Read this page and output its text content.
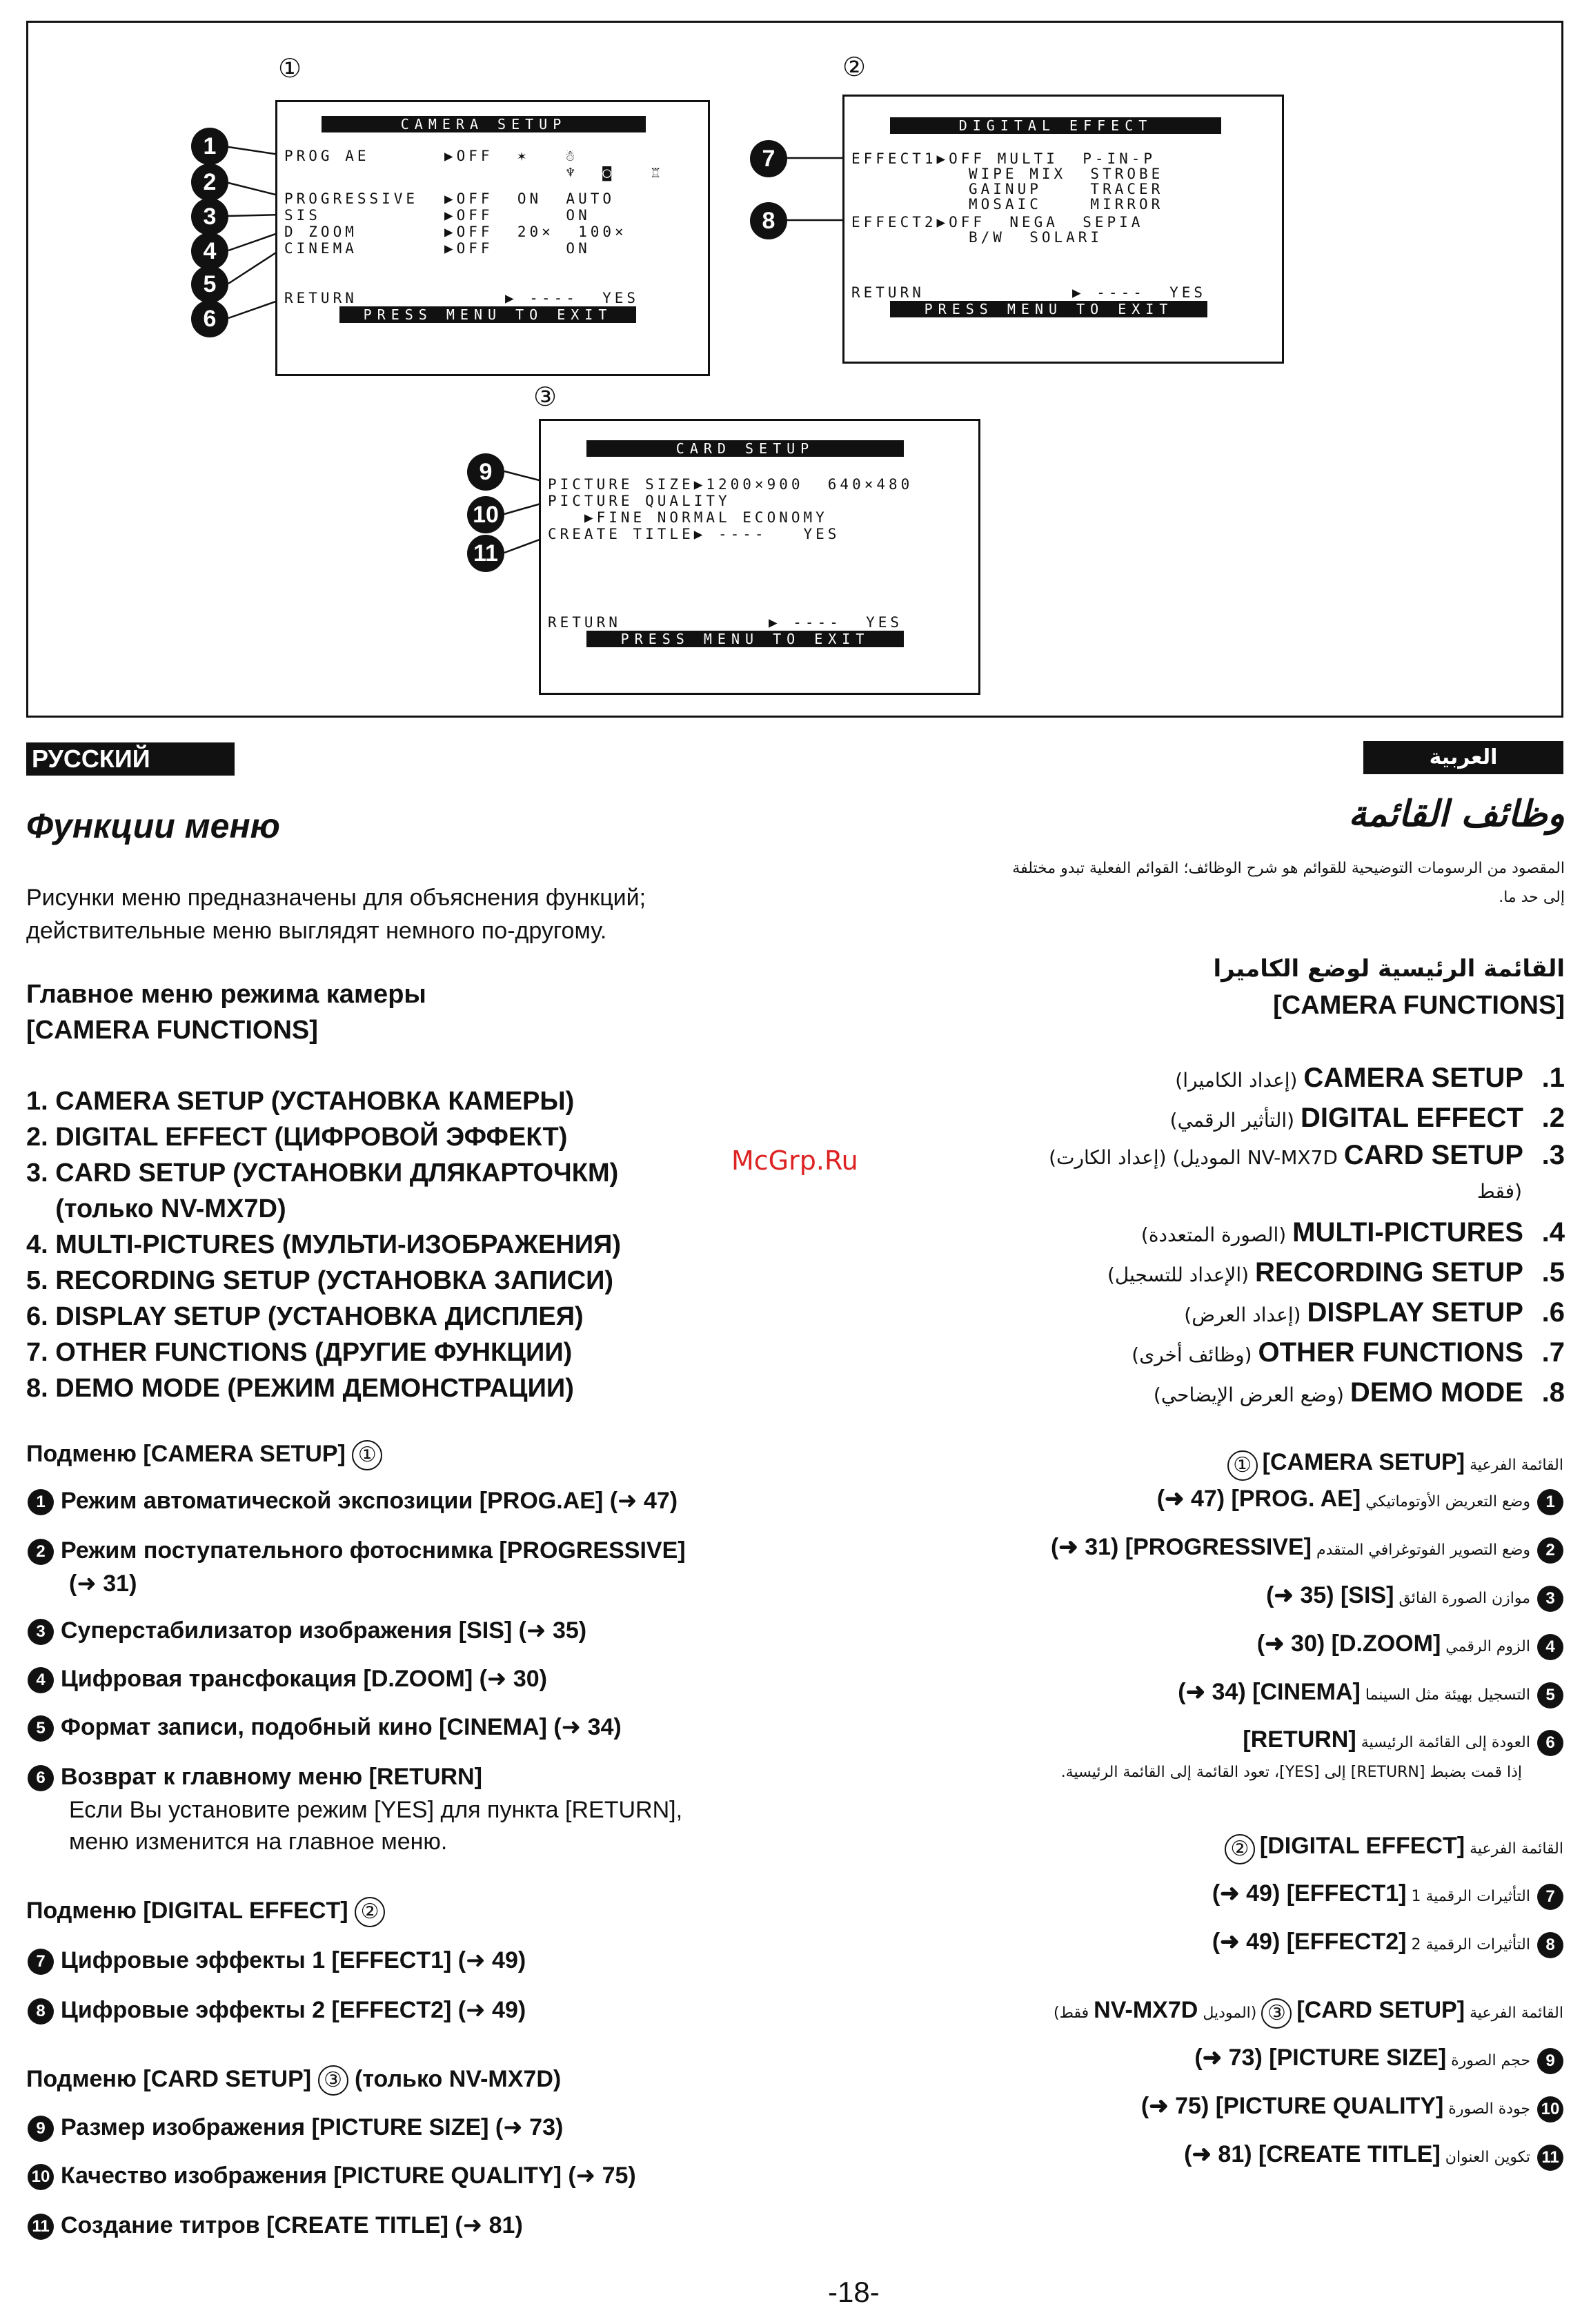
①	②
③
1
2
3
4
5
6
7
8
9
10
11
CAMERA SETUP
PROG AE	▶OFF  ✶   ☃
♆  ◙   ♖
PROGRESSIVE ▶OFF  ON  AUTO
SIS	▶OFF      ON
D ZOOM	▶OFF  20×  100×
CINEMA	▶OFF      ON
RETURN	▶ ----  YES
PRESS MENU TO EXIT
DIGITAL EFFECT
EFFECT1▶OFF MULTI  P-IN-P
WIPE MIX  STROBE
GAINUP    TRACER
MOSAIC    MIRROR
EFFECT2▶OFF  NEGA  SEPIA
B/W  SOLARI
RETURN	▶ ----  YES
PRESS MENU TO EXIT
CARD SETUP
PICTURE SIZE▶1200×900  640×480
PICTURE QUALITY
▶FINE NORMAL ECONOMY
CREATE TITLE▶ ----   YES
RETURN	▶ ----  YES
PRESS MENU TO EXIT
РУССКИЙ ЯЗЫК
Функции меню
Рисунки меню предназначены для объяснения функций;
действительные меню выглядят немного по-другому.
Главное меню режима камеры
[CAMERA FUNCTIONS]
1. CAMERA SETUP (УСТАНОВКА КАМЕРЫ)
2. DIGITAL EFFECT (ЦИФРОВОЙ ЭФФЕКТ)
3. CARD SETUP (УСТАНОВКИ ДЛЯКАРТОЧКМ)
(только NV-MX7D)
4. MULTI-PICTURES (МУЛЬТИ-ИЗОБРАЖЕНИЯ)
5. RECORDING SETUP (УСТАНОВКА ЗАПИСИ)
6. DISPLAY SETUP (УСТАНОВКА ДИСПЛЕЯ)
7. OTHER FUNCTIONS (ДРУГИЕ ФУНКЦИИ)
8. DEMO MODE (РЕЖИМ ДЕМОНСТРАЦИИ)
Подменю [CAMERA SETUP] ①
1 Режим автоматической экспозиции [PROG.AE] (➜ 47)
2 Режим поступательного фотоснимка [PROGRESSIVE]
(➜ 31)
3 Суперстабилизатор изображения [SIS] (➜ 35)
4 Цифровая трансфокация [D.ZOOM] (➜ 30)
5 Формат записи, подобный кино [CINEMA] (➜ 34)
6 Возврат к главному меню [RETURN]
Если Вы установите режим [YES] для пункта [RETURN],
меню изменится на главное меню.
Подменю [DIGITAL EFFECT] ②
7 Цифровые эффекты 1 [EFFECT1] (➜ 49)
8 Цифровые эффекты 2 [EFFECT2] (➜ 49)
Подменю [CARD SETUP] ③ (только NV-MX7D)
9 Размер изображения [PICTURE SIZE] (➜ 73)
10 Качество изображения [PICTURE QUALITY] (➜ 75)
11 Создание титров [CREATE TITLE] (➜ 81)
McGrp.Ru
العربية
وظائف القائمة
المقصود من الرسومات التوضيحية للقوائم هو شرح الوظائف؛ القوائم الفعلية تبدو مختلفة
إلى حد ما.
القائمة الرئيسية لوضع الكاميرا
[CAMERA FUNCTIONS]
(إعداد الكاميرا) CAMERA SETUP .1
(التأثير الرقمي) DIGITAL EFFECT .2
(إعداد الكارت) (الموديل NV-MX7D CARD SETUP .3
فقط)
(الصورة المتعددة) MULTI-PICTURES .4
(الإعداد للتسجيل) RECORDING SETUP .5
(إعداد العرض) DISPLAY SETUP .6
(وظائف أخرى) OTHER FUNCTIONS .7
(وضع العرض الإيضاحي) DEMO MODE .8
القائمة الفرعية [CAMERA SETUP] ①
1وضع التعريض الأوتوماتيكي [PROG. AE] (47 ➜)
2وضع التصوير الفوتوغرافي المتقدم [PROGRESSIVE] (31 ➜)
3موازن الصورة الفائق [SIS] (35 ➜)
4الزوم الرقمي [D.ZOOM] (30 ➜)
5التسجيل بهيئة مثل السينما [CINEMA] (34 ➜)
6العودة إلى القائمة الرئيسية [RETURN]
إذا قمت بضبط [RETURN] إلى [YES]، تعود القائمة إلى القائمة الرئيسية.
القائمة الفرعية [DIGITAL EFFECT] ②
7التأثيرات الرقمية 1 [EFFECT1] (49 ➜)
8التأثيرات الرقمية 2 [EFFECT2] (49 ➜)
القائمة الفرعية [CARD SETUP] ③ (الموديل NV-MX7D فقط)
9حجم الصورة [PICTURE SIZE] (73 ➜)
10جودة الصورة [PICTURE QUALITY] (75 ➜)
11تكوين العنوان [CREATE TITLE] (81 ➜)
-18-
